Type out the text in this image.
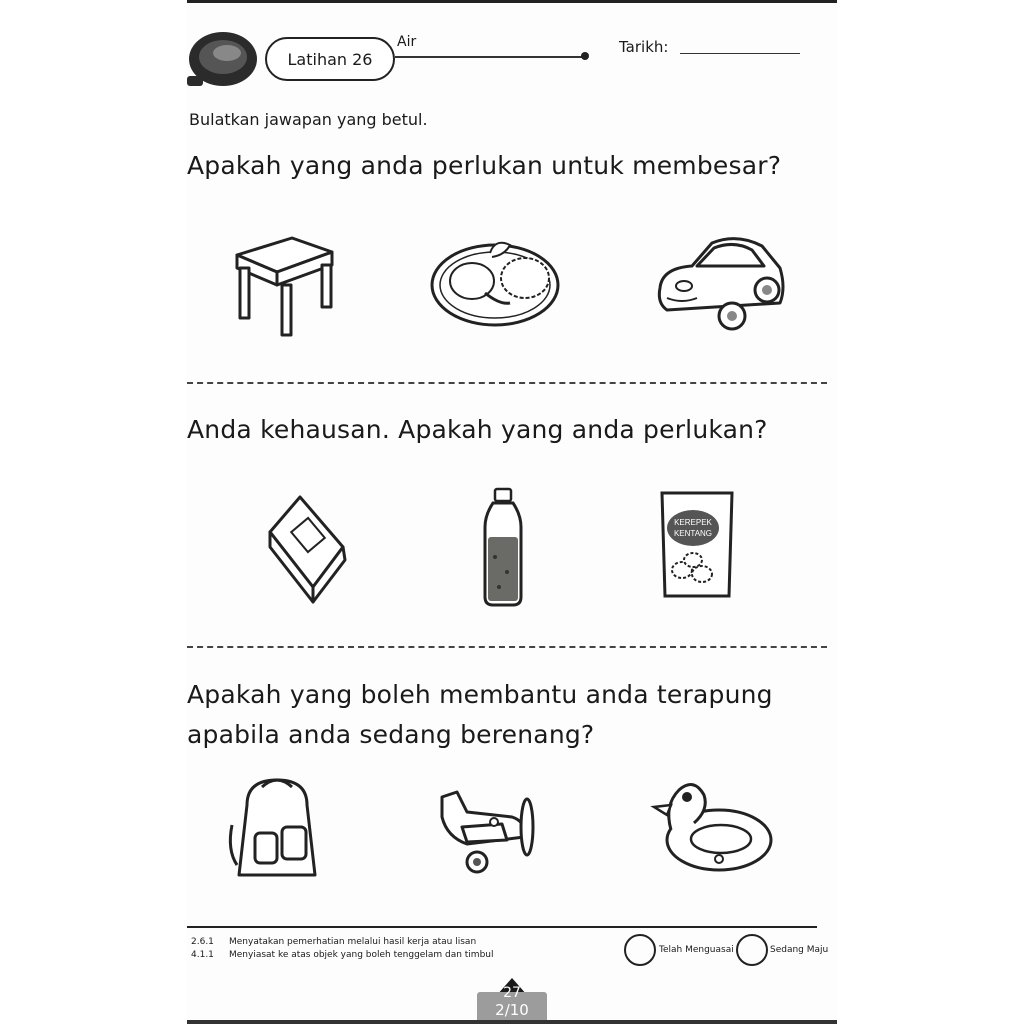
Latihan 26
Air	Tarikh:
Bulatkan jawapan yang betul.
Apakah yang anda perlukan untuk membesar?
Anda kehausan. Apakah yang anda perlukan?
KEREPEK
KENTANG
Apakah yang boleh membantu anda terapung
apabila anda sedang berenang?
2.6.1 Menyatakan pemerhatian melalui hasil kerja atau lisan
4.1.1 Menyiasat ke atas objek yang boleh tenggelam dan timbul	Telah Menguasai	Sedang Maju
27
2/10
